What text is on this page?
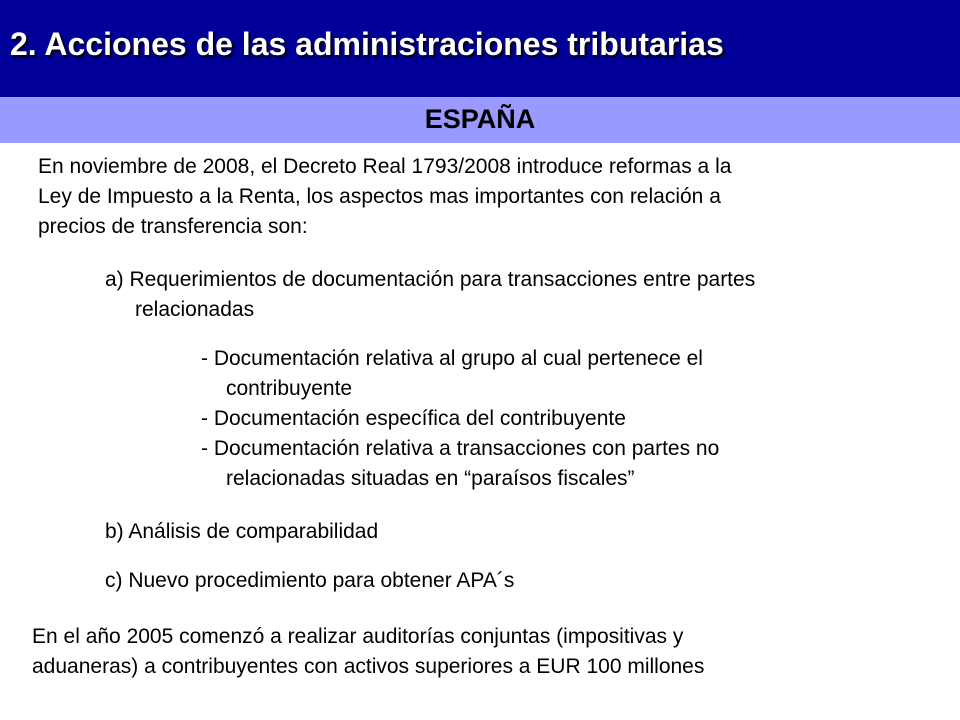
2. Acciones de las administraciones tributarias
ESPAÑA
En noviembre de 2008, el Decreto Real 1793/2008 introduce reformas a la
Ley de Impuesto a la Renta, los aspectos mas importantes con relación a
precios de transferencia son:
a) Requerimientos de documentación para transacciones entre partes
relacionadas
- Documentación relativa al grupo al cual pertenece el
contribuyente
- Documentación específica del contribuyente
- Documentación relativa a transacciones con partes no
relacionadas situadas en “paraísos fiscales”
b) Análisis de comparabilidad
c) Nuevo procedimiento para obtener APA´s
En el año 2005 comenzó a realizar auditorías conjuntas (impositivas y
aduaneras) a contribuyentes con activos superiores a EUR 100 millones
